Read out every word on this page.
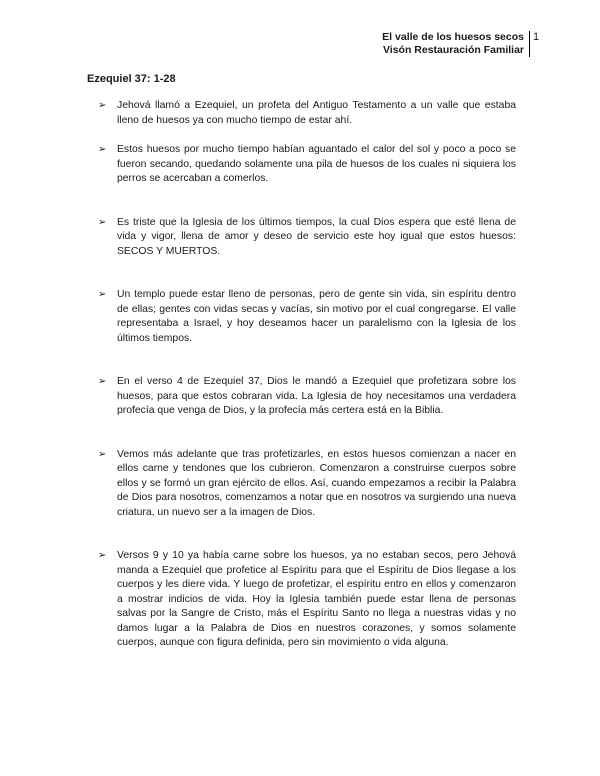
El valle de los huesos secos
Visón Restauración Familiar
1
Ezequiel 37: 1-28
➢ Jehová llamó a Ezequiel, un profeta del Antiguo Testamento a un valle que estaba lleno de huesos ya con mucho tiempo de estar ahí.
➢ Estos huesos por mucho tiempo habían aguantado el calor del sol y poco a poco se fueron secando, quedando solamente una pila de huesos de los cuales ni siquiera los perros se acercaban a comerlos.
➢ Es triste que la Iglesia de los últimos tiempos, la cual Dios espera que esté llena de vida y vigor, llena de amor y deseo de servicio este hoy igual que estos huesos: SECOS Y MUERTOS.
➢ Un templo puede estar lleno de personas, pero de gente sin vida, sin espíritu dentro de ellas; gentes con vidas secas y vacías, sin motivo por el cual congregarse. El valle representaba a Israel, y hoy deseamos hacer un paralelismo con la Iglesia de los últimos tiempos.
➢ En el verso 4 de Ezequiel 37, Dios le mandó a Ezequiel que profetizara sobre los huesos, para que estos cobraran vida. La Iglesia de hoy necesitamos una verdadera profecía que venga de Dios, y la profecía más certera está en la Biblia.
➢ Vemos más adelante que tras profetizarles, en estos huesos comienzan a nacer en ellos carne y tendones que los cubrieron. Comenzaron a construirse cuerpos sobre ellos y se formó un gran ejército de ellos. Así, cuando empezamos a recibir la Palabra de Dios para nosotros, comenzamos a notar que en nosotros va surgiendo una nueva criatura, un nuevo ser a la imagen de Dios.
➢ Versos 9 y 10 ya había carne sobre los huesos, ya no estaban secos, pero Jehová manda a Ezequiel que profetice al Espíritu para que el Espíritu de Dios llegase a los cuerpos y les diere vida. Y luego de profetizar, el espíritu entro en ellos y comenzaron a mostrar indicios de vida. Hoy la Iglesia también puede estar llena de personas salvas por la Sangre de Cristo, más el Espíritu Santo no llega a nuestras vidas y no damos lugar a la Palabra de Dios en nuestros corazones, y somos solamente cuerpos, aunque con figura definida, pero sin movimiento o vida alguna.
